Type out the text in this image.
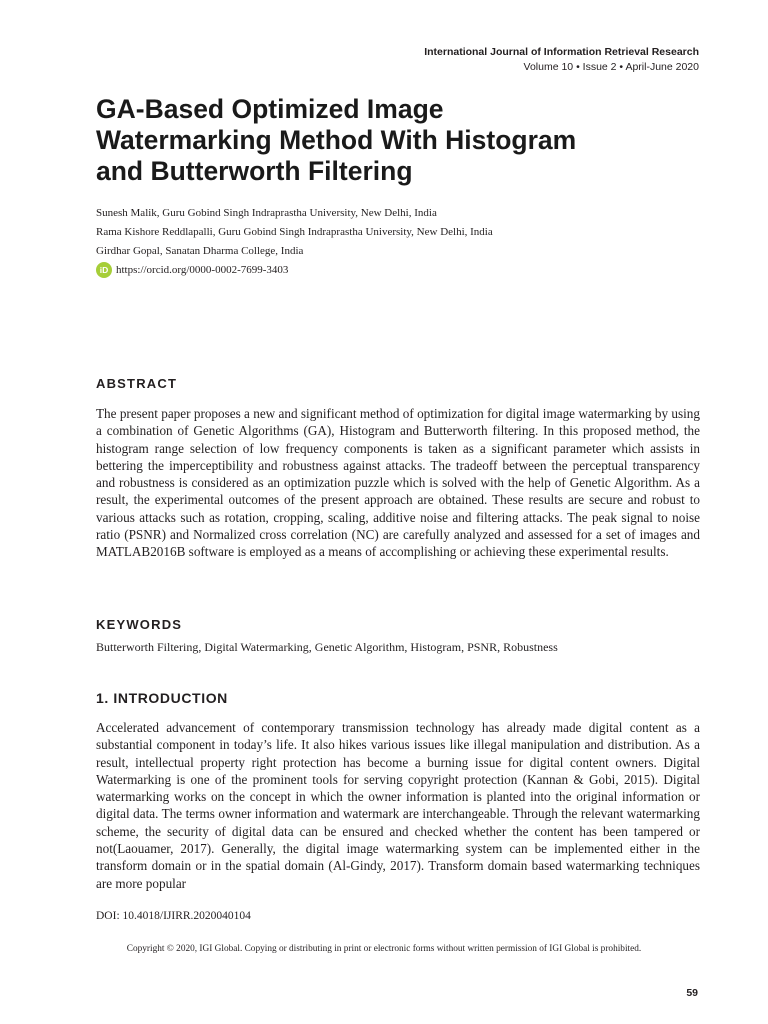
International Journal of Information Retrieval Research
Volume 10 • Issue 2 • April-June 2020
GA-Based Optimized Image
Watermarking Method With Histogram
and Butterworth Filtering
Sunesh Malik, Guru Gobind Singh Indraprastha University, New Delhi, India
Rama Kishore Reddlapalli, Guru Gobind Singh Indraprastha University, New Delhi, India
Girdhar Gopal, Sanatan Dharma College, India
iD https://orcid.org/0000-0002-7699-3403
ABSTRACT
The present paper proposes a new and significant method of optimization for digital image watermarking by using a combination of Genetic Algorithms (GA), Histogram and Butterworth filtering. In this proposed method, the histogram range selection of low frequency components is taken as a significant parameter which assists in bettering the imperceptibility and robustness against attacks. The tradeoff between the perceptual transparency and robustness is considered as an optimization puzzle which is solved with the help of Genetic Algorithm. As a result, the experimental outcomes of the present approach are obtained. These results are secure and robust to various attacks such as rotation, cropping, scaling, additive noise and filtering attacks. The peak signal to noise ratio (PSNR) and Normalized cross correlation (NC) are carefully analyzed and assessed for a set of images and MATLAB2016B software is employed as a means of accomplishing or achieving these experimental results.
KEYWORDS
Butterworth Filtering, Digital Watermarking, Genetic Algorithm, Histogram, PSNR, Robustness
1. INTRODUCTION
Accelerated advancement of contemporary transmission technology has already made digital content as a substantial component in today’s life. It also hikes various issues like illegal manipulation and distribution. As a result, intellectual property right protection has become a burning issue for digital content owners. Digital Watermarking is one of the prominent tools for serving copyright protection (Kannan & Gobi, 2015). Digital watermarking works on the concept in which the owner information is planted into the original information or digital data. The terms owner information and watermark are interchangeable. Through the relevant watermarking scheme, the security of digital data can be ensured and checked whether the content has been tampered or not(Laouamer, 2017). Generally, the digital image watermarking system can be implemented either in the transform domain or in the spatial domain (Al-Gindy, 2017). Transform domain based watermarking techniques are more popular
DOI: 10.4018/IJIRR.2020040104
Copyright © 2020, IGI Global. Copying or distributing in print or electronic forms without written permission of IGI Global is prohibited.
59
